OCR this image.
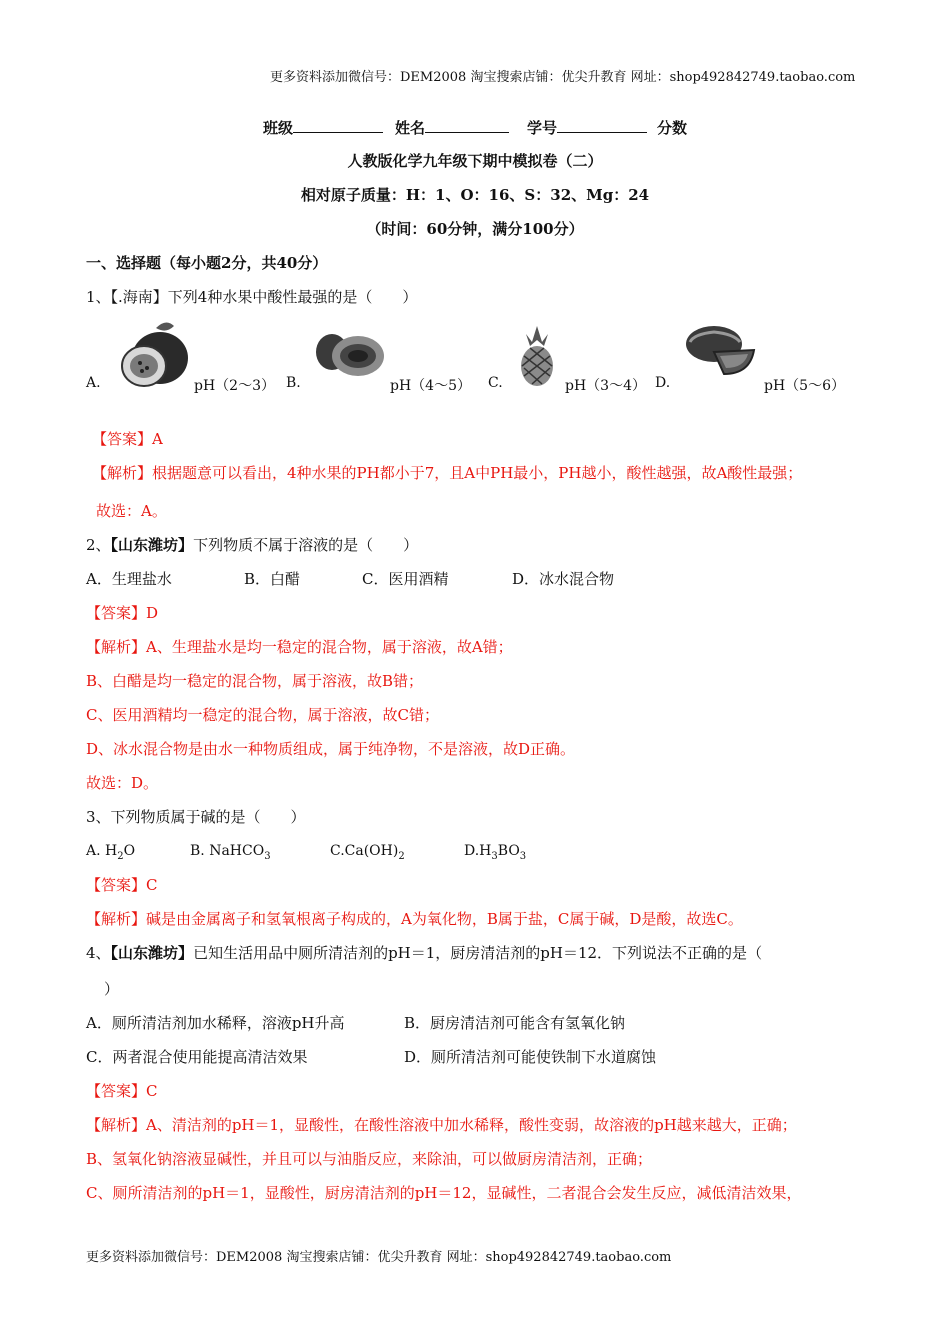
更多资料添加微信号：DEM2008 淘宝搜索店铺：优尖升教育 网址：shop492842749.taobao.com
班级	姓名	学号	分数
人教版化学九年级下期中模拟卷（二）
相对原子质量：H：1、O：16、S：32、Mg：24
（时间：60分钟，满分100分）
一、选择题（每小题2分，共40分）
1、【.海南】下列4种水果中酸性最强的是（　　）
A.	pH（2～3） B.	pH（4～5） C.	pH（3～4） D.	pH（5～6）
【答案】A
【解析】根据题意可以看出，4种水果的PH都小于7，且A中PH最小，PH越小，酸性越强，故A酸性最强；
故选：A。
2、【山东潍坊】下列物质不属于溶液的是（　　）
A．生理盐水	B．白醋	C．医用酒精	D．冰水混合物
【答案】D
【解析】A、生理盐水是均一稳定的混合物，属于溶液，故A错；
B、白醋是均一稳定的混合物，属于溶液，故B错；
C、医用酒精均一稳定的混合物，属于溶液，故C错；
D、冰水混合物是由水一种物质组成，属于纯净物，不是溶液，故D正确。
故选：D。
3、下列物质属于碱的是（　　）
A. $H_2O$	B. NaHCO$_3$	$C.Ca(OH)_2$	$D.H_3BO_3$
【答案】C
【解析】碱是由金属离子和氢氧根离子构成的，A为氧化物，B属于盐，C属于碱，D是酸，故选C。
4、【山东潍坊】已知生活用品中厕所清洁剂的pH＝1，厨房清洁剂的pH＝12．下列说法不正确的是（
）
A．厕所清洁剂加水稀释，溶液pH升高	B．厨房清洁剂可能含有氢氧化钠
C．两者混合使用能提高清洁效果	D．厕所清洁剂可能使铁制下水道腐蚀
【答案】C
【解析】A、清洁剂的pH＝1，显酸性，在酸性溶液中加水稀释，酸性变弱，故溶液的pH越来越大，正确；
B、氢氧化钠溶液显碱性，并且可以与油脂反应，来除油，可以做厨房清洁剂，正确；
C、厕所清洁剂的pH＝1，显酸性，厨房清洁剂的pH＝12，显碱性，二者混合会发生反应，减低清洁效果，
更多资料添加微信号：DEM2008 淘宝搜索店铺：优尖升教育 网址：shop492842749.taobao.com
